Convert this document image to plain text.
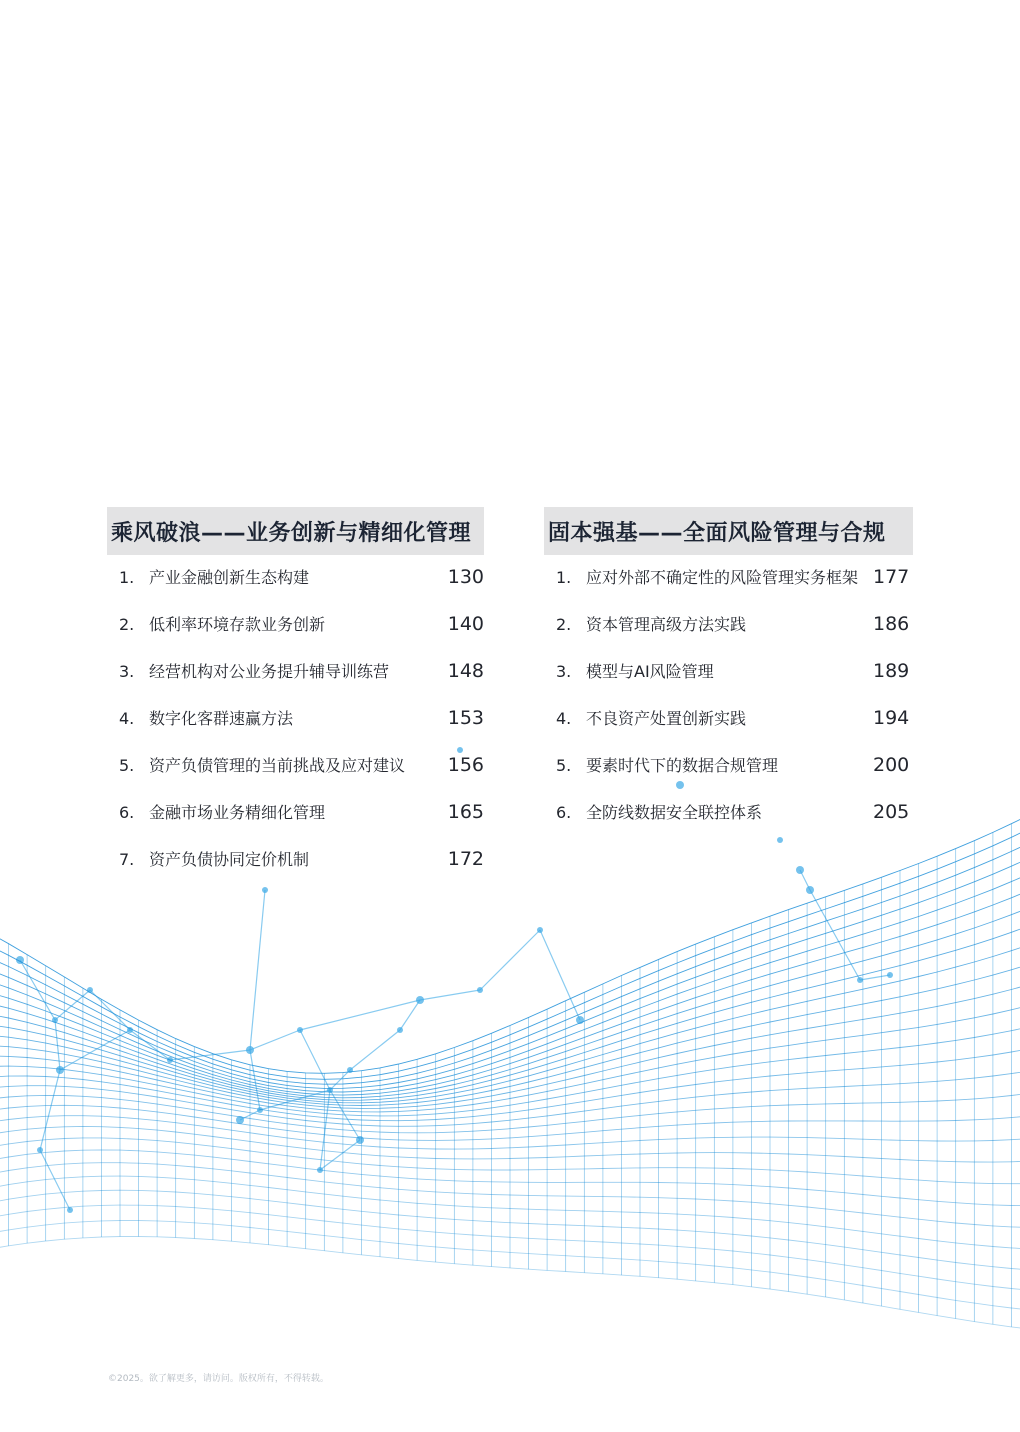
乘风破浪——业务创新与精细化管理
1. 产业金融创新生态构建	130
2. 低利率环境存款业务创新	140
3. 经营机构对公业务提升辅导训练营	148
4. 数字化客群速赢方法	153
5. 资产负债管理的当前挑战及应对建议	156
6. 金融市场业务精细化管理	165
7. 资产负债协同定价机制	172
固本强基——全面风险管理与合规
1. 应对外部不确定性的风险管理实务框架 177
2. 资本管理高级方法实践	186
3. 模型与AI风险管理	189
4. 不良资产处置创新实践	194
5. 要素时代下的数据合规管理	200
6. 全防线数据安全联控体系	205
©2025。欲了解更多，请访问。版权所有，不得转载。
